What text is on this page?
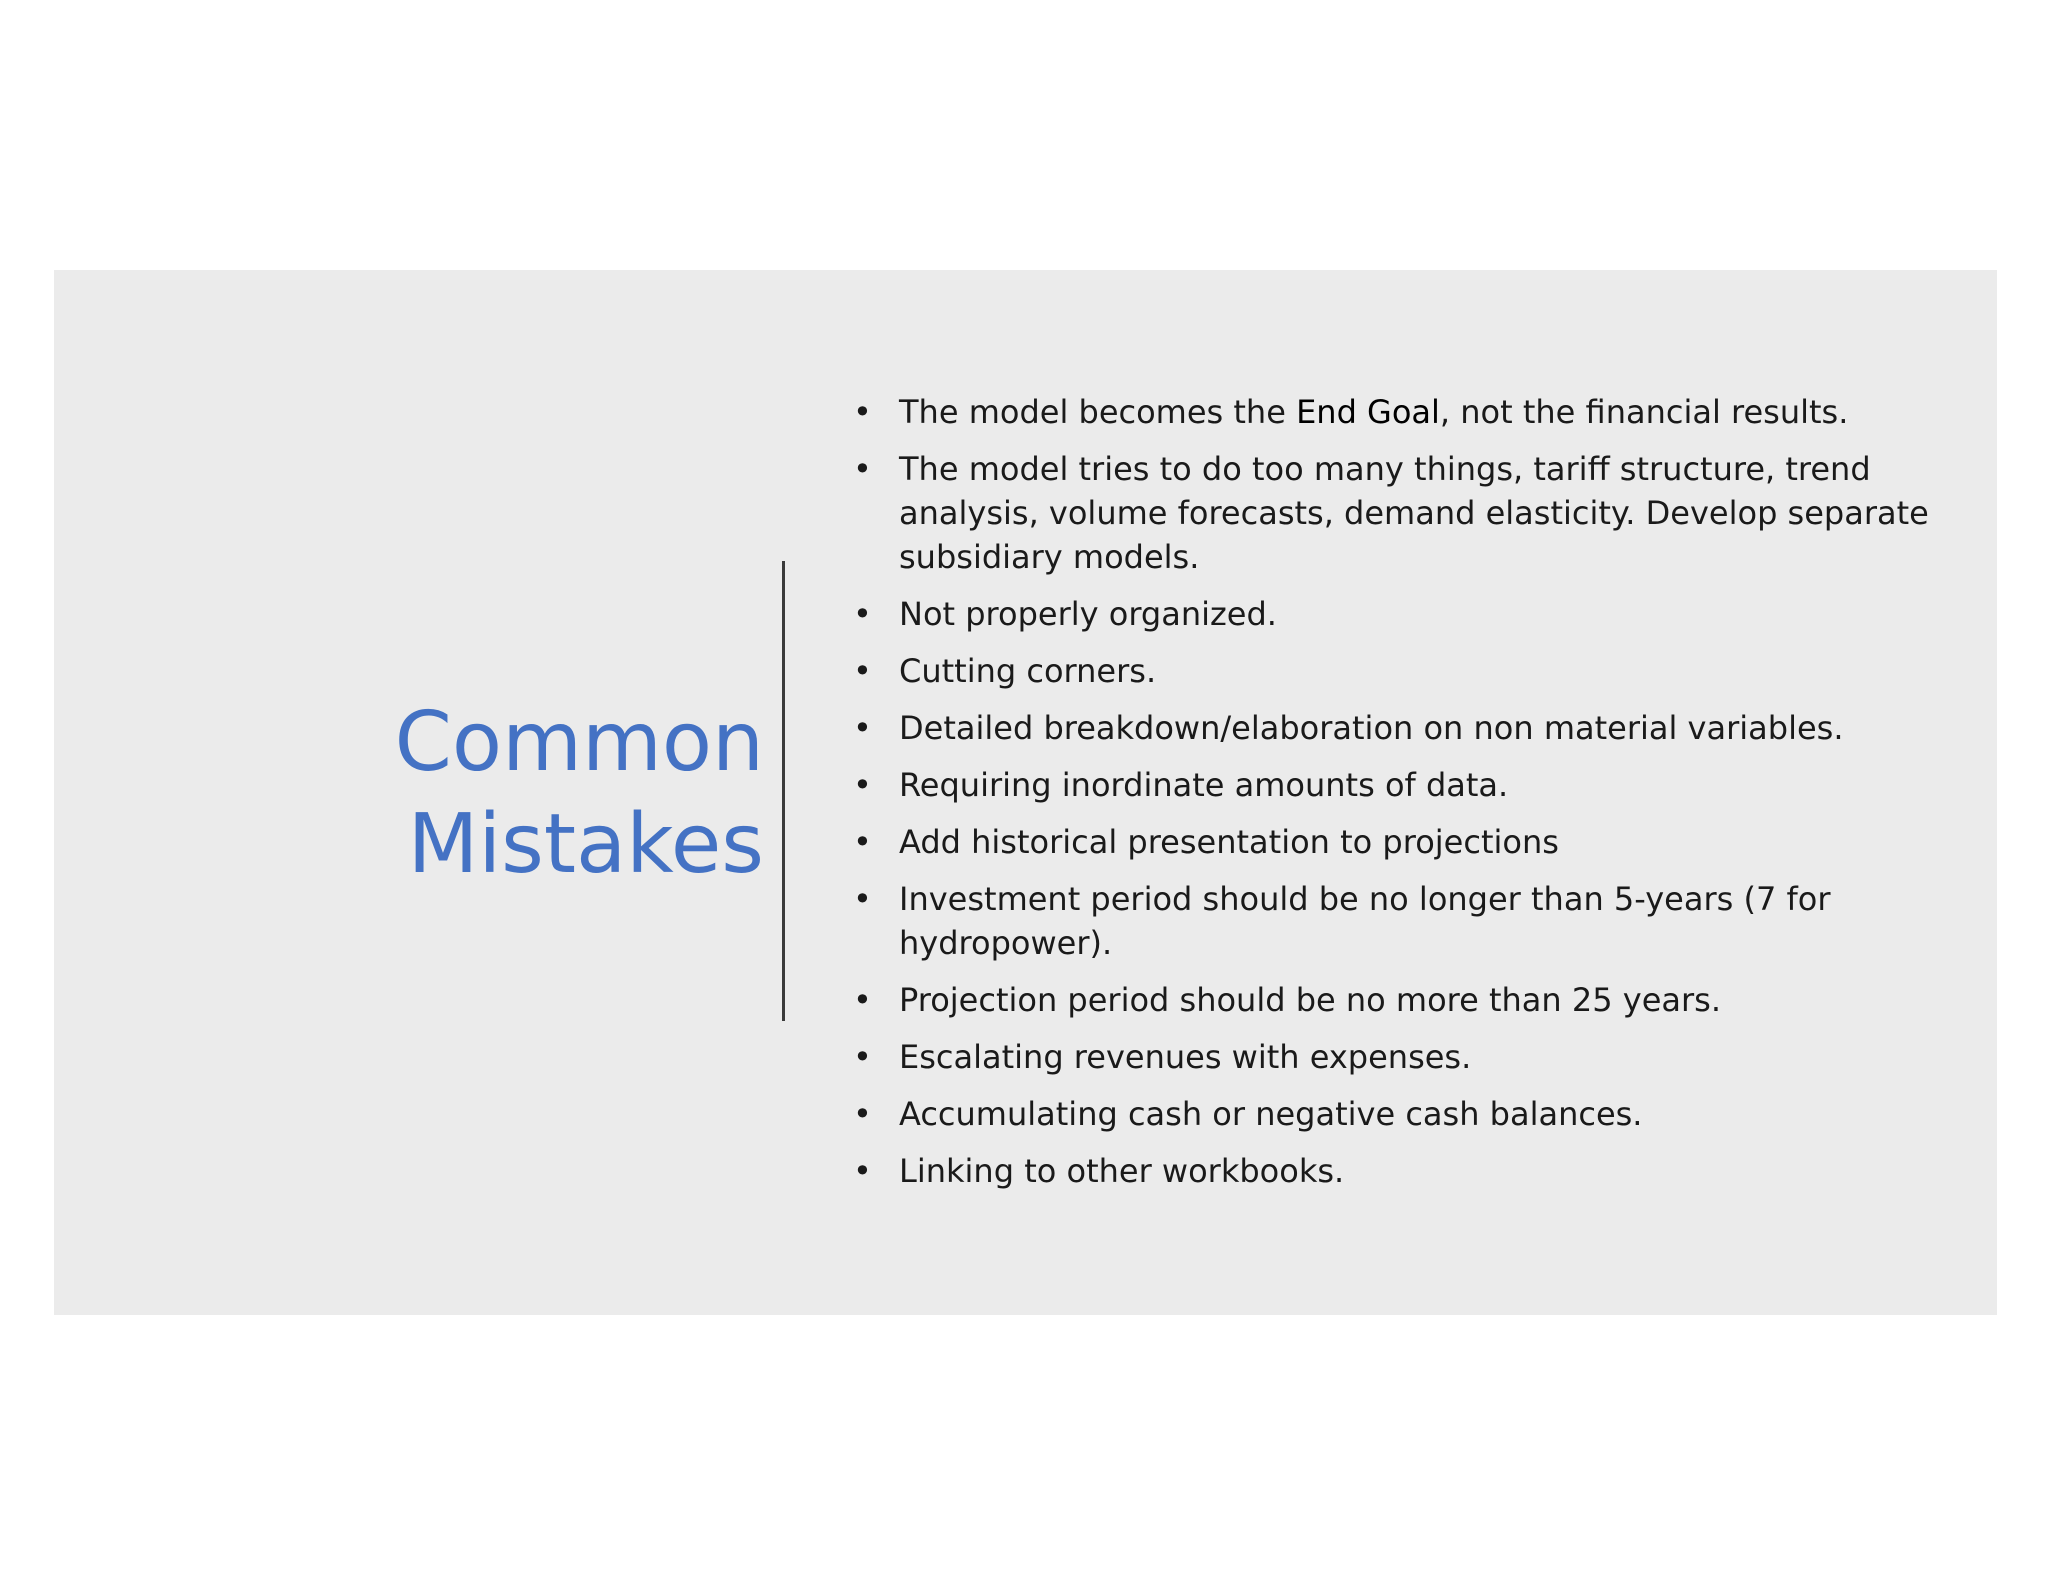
Common
Mistakes
• The model becomes the End Goal, not the financial results.
• The model tries to do too many things, tariff structure, trend analysis, volume forecasts, demand elasticity. Develop separate subsidiary models.
• Not properly organized.
• Cutting corners.
• Detailed breakdown/elaboration on non material variables.
• Requiring inordinate amounts of data.
• Add historical presentation to projections
• Investment period should be no longer than 5-years (7 for hydropower).
• Projection period should be no more than 25 years.
• Escalating revenues with expenses.
• Accumulating cash or negative cash balances.
• Linking to other workbooks.
